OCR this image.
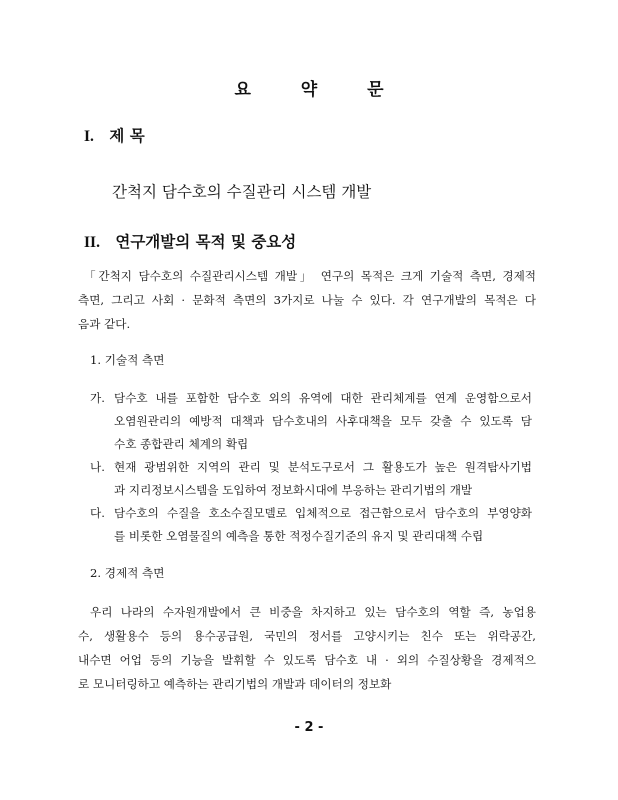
요 약 문
I. 제 목
간척지 담수호의 수질관리 시스템 개발
II. 연구개발의 목적 및 중요성
「간척지 담수호의 수질관리시스템 개발」 연구의 목적은 크게 기술적 측면, 경제적
측면, 그리고 사회 · 문화적 측면의 3가지로 나눌 수 있다. 각 연구개발의 목적은 다
음과 같다.
1. 기술적 측면
가. 담수호 내를 포함한 담수호 외의 유역에 대한 관리체계를 연계 운영함으로서
오염원관리의 예방적 대책과 담수호내의 사후대책을 모두 갖출 수 있도록 담
수호 종합관리 체계의 확립
나. 현재 광범위한 지역의 관리 및 분석도구로서 그 활용도가 높은 원격탐사기법
과 지리정보시스템을 도입하여 정보화시대에 부응하는 관리기법의 개발
다. 담수호의 수질을 호소수질모델로 입체적으로 접근함으로서 담수호의 부영양화
를 비롯한 오염물질의 예측을 통한 적정수질기준의 유지 및 관리대책 수립
2. 경제적 측면
우리 나라의 수자원개발에서 큰 비중을 차지하고 있는 담수호의 역할 즉, 농업용
수, 생활용수 등의 용수공급원, 국민의 정서를 고양시키는 친수 또는 위락공간,
내수면 어업 등의 기능을 발휘할 수 있도록 담수호 내 · 외의 수질상황을 경제적으
로 모니터링하고 예측하는 관리기법의 개발과 데이터의 정보화
- 2 -
